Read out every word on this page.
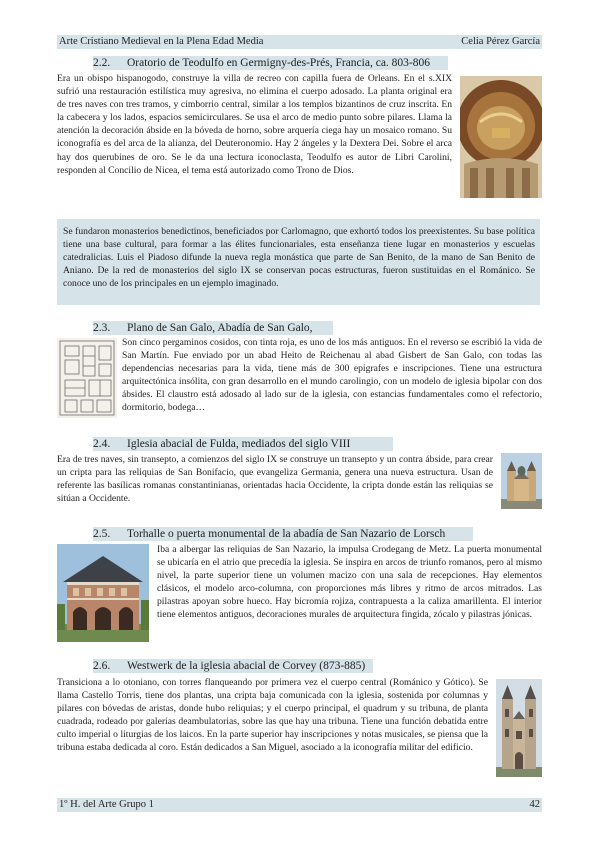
Arte Cristiano Medieval en la Plena Edad Media	Celia Pérez García
2.2. Oratorio de Teodulfo en Germigny-des-Prés, Francia, ca. 803-806

Era un obispo hispanogodo, construye la villa de recreo con capilla fuera de Orleans. En el s.XIX sufrió una restauración estilística muy agresiva, no elimina el cuerpo adosado. La planta original era de tres naves con tres tramos, y cimborrio central, similar a los templos bizantinos de cruz inscrita. En la cabecera y los lados, espacios semicirculares. Se usa el arco de medio punto sobre pilares. Llama la atención la decoración ábside en la bóveda de horno, sobre arquería ciega hay un mosaico romano. Su iconografía es del arca de la alianza, del Deuteronomio. Hay 2 ángeles y la Dextera Dei. Sobre el arca hay dos querubines de oro. Se le da una lectura iconoclasta, Teodulfo es autor de Libri Carolini, responden al Concilio de Nicea, el tema está autorizado como Trono de Dios.

Se fundaron monasterios benedictinos, beneficiados por Carlomagno, que exhortó todos los preexistentes. Su base política tiene una base cultural, para formar a las élites funcionariales, esta enseñanza tiene lugar en monasterios y escuelas catedralicias. Luis el Piadoso difunde la nueva regla monástica que parte de San Benito, de la mano de San Benito de Aniano. De la red de monasterios del siglo IX se conservan pocas estructuras, fueron sustituidas en el Románico. Se conoce uno de los principales en un ejemplo imaginado.

2.3. Plano de San Galo, Abadía de San Galo,

Son cinco pergaminos cosidos, con tinta roja, es uno de los más antiguos. En el reverso se escribió la vida de San Martín. Fue enviado por un abad Heito de Reichenau al abad Gisbert de San Galo, con todas las dependencias necesarias para la vida, tiene más de 300 epígrafes e inscripciones. Tiene una estructura arquitectónica insólita, con gran desarrollo en el mundo carolingio, con un modelo de iglesia bipolar con dos ábsides. El claustro está adosado al lado sur de la iglesia, con estancias fundamentales como el refectorio, dormitorio, bodega…

2.4. Iglesia abacial de Fulda, mediados del siglo VIII

Era de tres naves, sin transepto, a comienzos del siglo IX se construye un transepto y un contra ábside, para crear un cripta para las reliquias de San Bonifacio, que evangeliza Germania, genera una nueva estructura. Usan de referente las basílicas romanas constantinianas, orientadas hacia Occidente, la cripta donde están las reliquias se sitúan a Occidente.

2.5. Torhalle o puerta monumental de la abadía de San Nazario de Lorsch

Iba a albergar las reliquias de San Nazario, la impulsa Crodegang de Metz. La puerta monumental se ubicaría en el atrio que precedía la iglesia. Se inspira en arcos de triunfo romanos, pero al mismo nivel, la parte superior tiene un volumen macizo con una sala de recepciones. Hay elementos clásicos, el modelo arco-columna, con proporciones más libres y ritmo de arcos mitrados. Las pilastras apoyan sobre hueco. Hay bicromía rojiza, contrapuesta a la caliza amarillenta. El interior tiene elementos antiguos, decoraciones murales de arquitectura fingida, zócalo y pilastras jónicas.

2.6. Westwerk de la iglesia abacial de Corvey (873-885)

Transiciona a lo otoniano, con torres flanqueando por primera vez el cuerpo central (Románico y Gótico). Se llama Castello Torris, tiene dos plantas, una cripta baja comunicada con la iglesia, sostenida por columnas y pilares con bóvedas de aristas, donde hubo reliquias; y el cuerpo principal, el quadrum y su tribuna, de planta cuadrada, rodeado por galerías deambulatorias, sobre las que hay una tribuna. Tiene una función debatida entre culto imperial o liturgias de los laicos. En la parte superior hay inscripciones y notas musicales, se piensa que la tribuna estaba dedicada al coro. Están dedicados a San Miguel, asociado a la iconografía militar del edificio.

1º H. del Arte Grupo 1	42
